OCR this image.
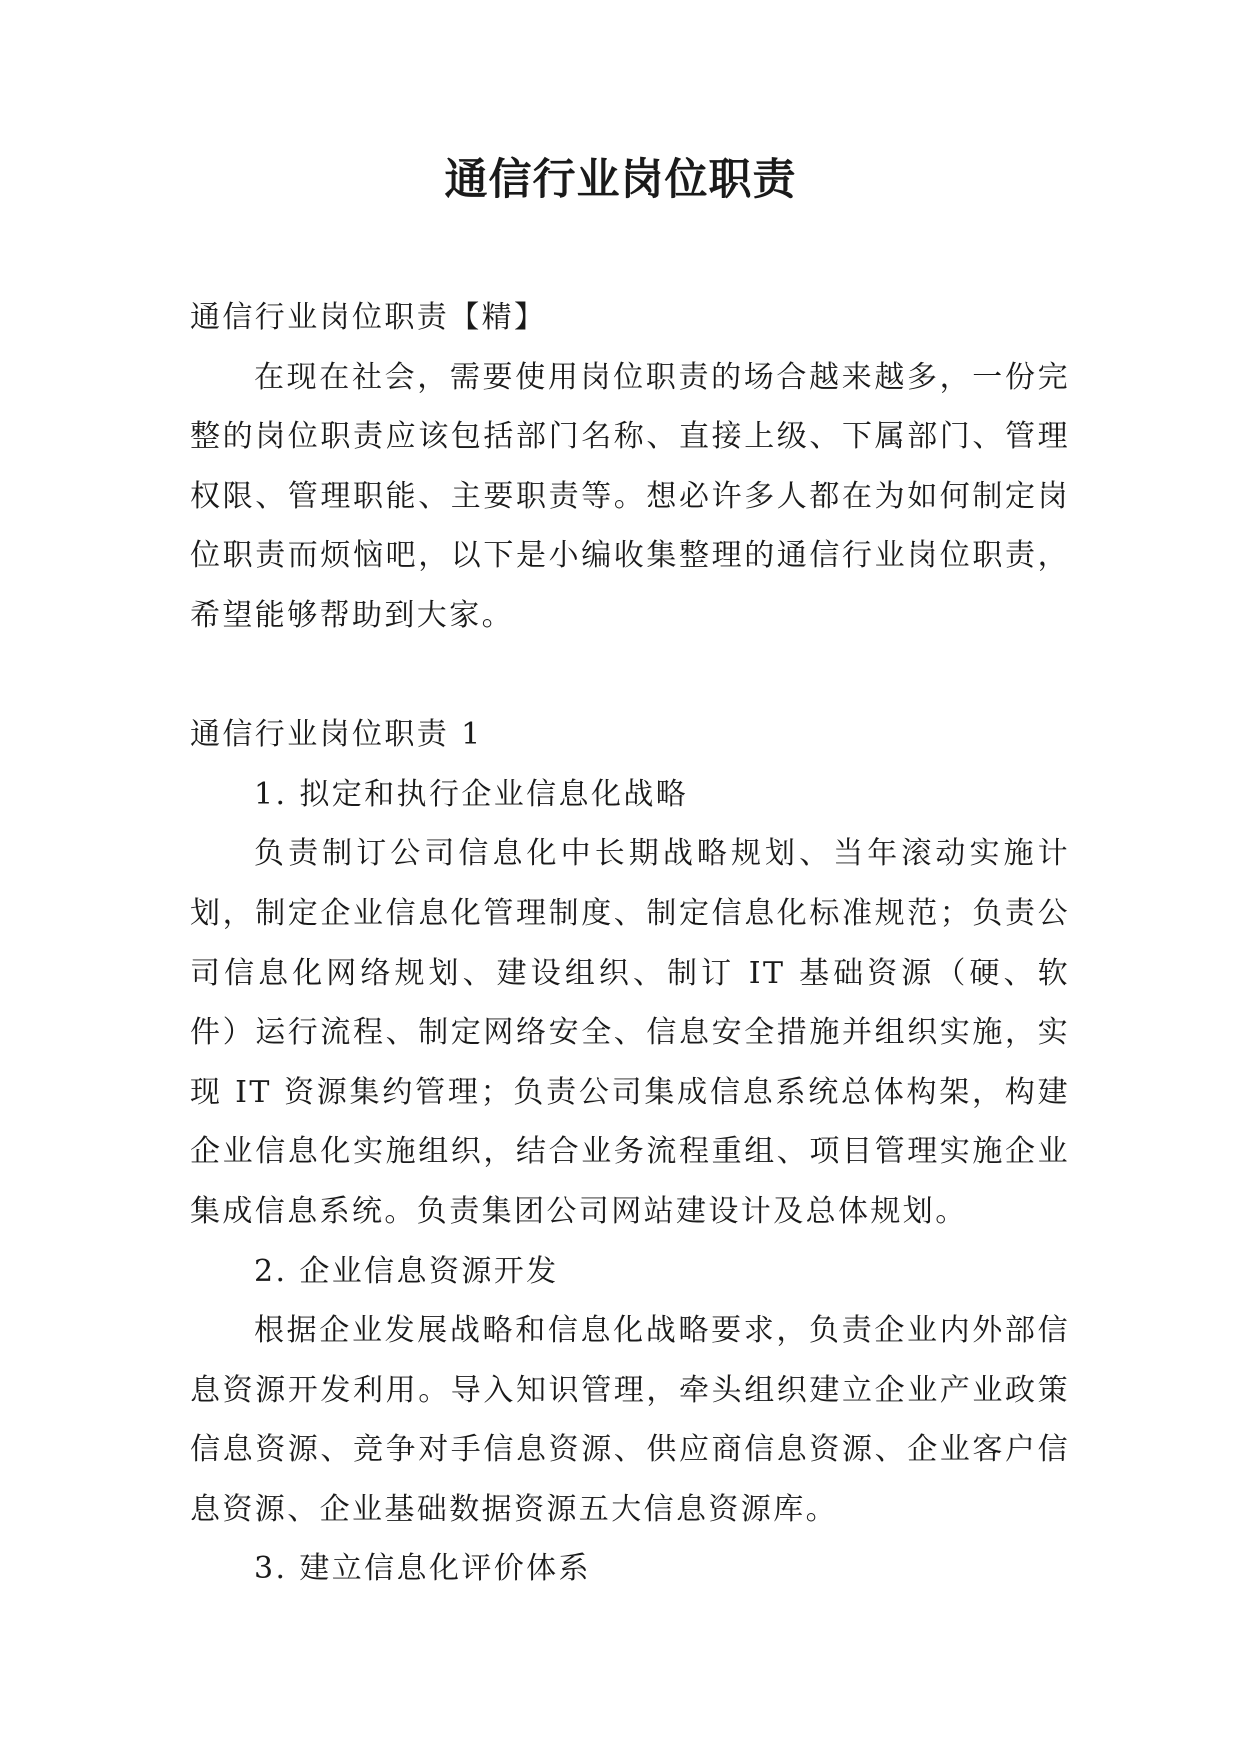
通信行业岗位职责

通信行业岗位职责【精】

在现在社会，需要使用岗位职责的场合越来越多，一份完整的岗位职责应该包括部门名称、直接上级、下属部门、管理权限、管理职能、主要职责等。想必许多人都在为如何制定岗位职责而烦恼吧，以下是小编收集整理的通信行业岗位职责，希望能够帮助到大家。

通信行业岗位职责 1

1. 拟定和执行企业信息化战略

负责制订公司信息化中长期战略规划、当年滚动实施计划，制定企业信息化管理制度、制定信息化标准规范；负责公司信息化网络规划、建设组织、制订 IT 基础资源（硬、软件）运行流程、制定网络安全、信息安全措施并组织实施，实现 IT 资源集约管理；负责公司集成信息系统总体构架，构建企业信息化实施组织，结合业务流程重组、项目管理实施企业集成信息系统。负责集团公司网站建设计及总体规划。

2. 企业信息资源开发

根据企业发展战略和信息化战略要求，负责企业内外部信息资源开发利用。导入知识管理，牵头组织建立企业产业政策信息资源、竞争对手信息资源、供应商信息资源、企业客户信息资源、企业基础数据资源五大信息资源库。

3. 建立信息化评价体系
